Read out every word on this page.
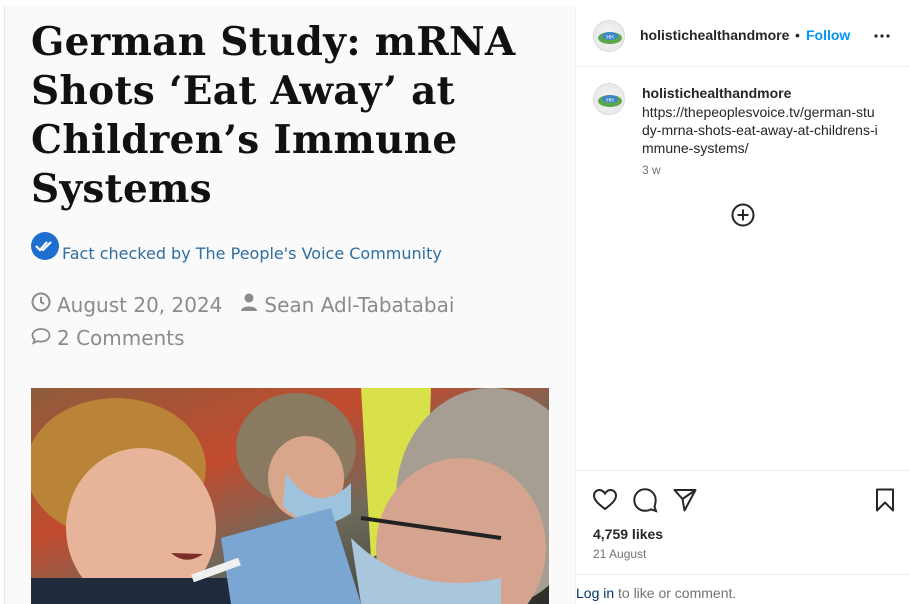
German Study: mRNA Shots ‘Eat Away’ at Children’s Immune Systems
Fact checked by The People's Voice Community
August 20, 2024 Sean Adl-Tabatabai
2 Comments
HH holistichealthandmore • Follow
HH holistichealthandmore
https://thepeoplesvoice.tv/german-study-mrna-shots-eat-away-at-childrens-immune-systems/
3 w
4,759 likes
21 August
Log in to like or comment.
